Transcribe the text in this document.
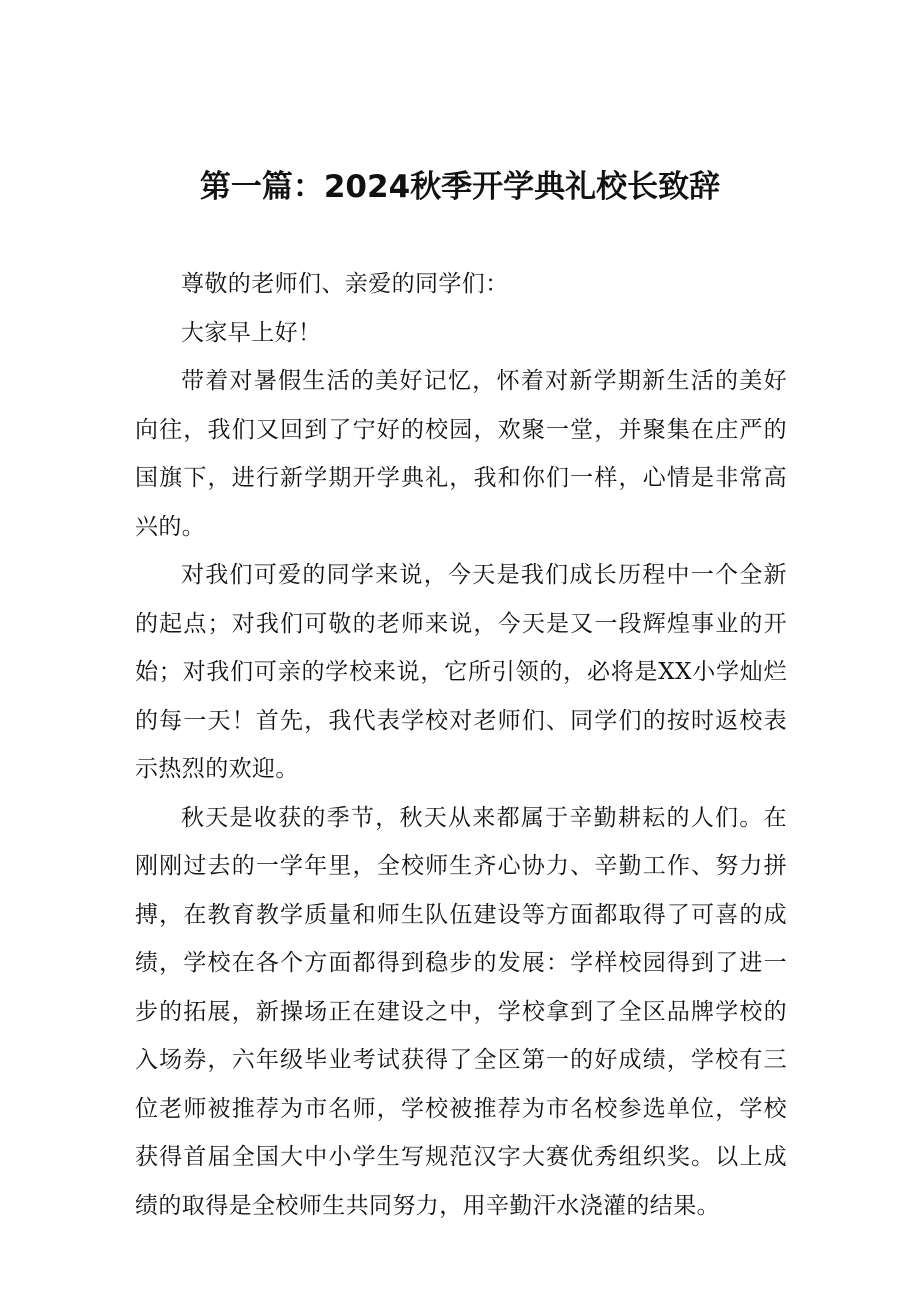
第一篇：2024秋季开学典礼校长致辞

尊敬的老师们、亲爱的同学们：

大家早上好！

带着对暑假生活的美好记忆，怀着对新学期新生活的美好向往，我们又回到了宁好的校园，欢聚一堂，并聚集在庄严的国旗下，进行新学期开学典礼，我和你们一样，心情是非常高兴的。

对我们可爱的同学来说，今天是我们成长历程中一个全新的起点；对我们可敬的老师来说，今天是又一段辉煌事业的开始；对我们可亲的学校来说，它所引领的，必将是XX小学灿烂的每一天！首先，我代表学校对老师们、同学们的按时返校表示热烈的欢迎。

秋天是收获的季节，秋天从来都属于辛勤耕耘的人们。在刚刚过去的一学年里，全校师生齐心协力、辛勤工作、努力拼搏，在教育教学质量和师生队伍建设等方面都取得了可喜的成绩，学校在各个方面都得到稳步的发展：学样校园得到了进一步的拓展，新操场正在建设之中，学校拿到了全区品牌学校的入场券，六年级毕业考试获得了全区第一的好成绩，学校有三位老师被推荐为市名师，学校被推荐为市名校参选单位，学校获得首届全国大中小学生写规范汉字大赛优秀组织奖。以上成绩的取得是全校师生共同努力，用辛勤汗水浇灌的结果。
